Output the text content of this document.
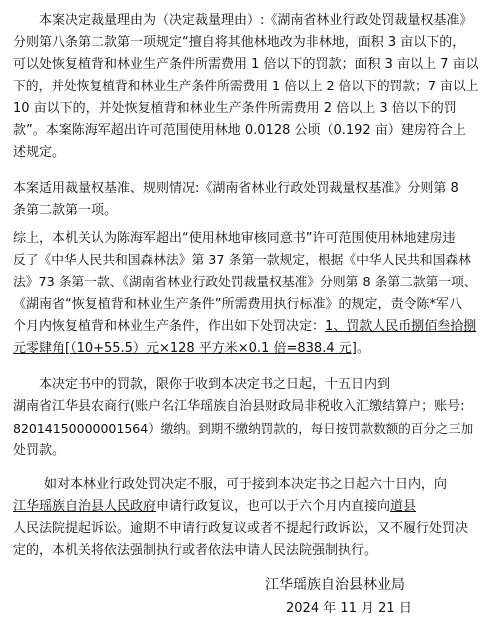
本案决定裁量理由为（决定裁量理由）:《湖南省林业行政处罚裁量权基准》
分则第八条第二款第一项规定“擅自将其他林地改为非林地，面积 3 亩以下的，
可以处恢复植背和林业生产条件所需费用 1 倍以下的罚款；面积 3 亩以上 7 亩以
下的，并处恢复植背和林业生产条件所需费用 1 倍以上 2 倍以下的罚款；7 亩以上
10 亩以下的，并处恢复植背和林业生产条件所需费用 2 倍以上 3 倍以下的罚
款”。本案陈海军超出许可范围使用林地 0.0128 公顷（0.192 亩）建房符合上
述规定。
本案适用裁量权基准、规则情况:《湖南省林业行政处罚裁量权基准》分则第 8
条第二款第一项。
综上，本机关认为陈海军超出“使用林地审核同意书”许可范围使用林地建房违
反了《中华人民共和国森林法》第 37 条第一款规定，根据《中华人民共和国森林
法》73 条第一款、《湖南省林业行政处罚裁量权基准》分则第 8 条第二款第一项、
《湖南省“恢复植背和林业生产条件”所需费用执行标准》的规定，责令陈*军八
个月内恢复植背和林业生产条件，作出如下处罚决定：1、罚款人民币捌佰叁拾捌
元零肆角[（10+55.5）元×128 平方米×0.1 倍=838.4 元]。
本决定书中的罚款，限你于收到本决定书之日起，十五日内到
湖南省江华县农商行(账户名江华瑶族自治县财政局非税收入汇缴结算户；账号:
82014150000001564）缴纳。到期不缴纳罚款的，每日按罚款数额的百分之三加
处罚款。
如对本林业行政处罚决定不服，可于接到本决定书之日起六十日内，向
江华瑶族自治县人民政府申请行政复议，也可以于六个月内直接向道县
人民法院提起诉讼。逾期不申请行政复议或者不提起行政诉讼，又不履行处罚决
定的，本机关将依法强制执行或者依法申请人民法院强制执行。
江华瑶族自治县林业局
2024 年 11 月 21 日
